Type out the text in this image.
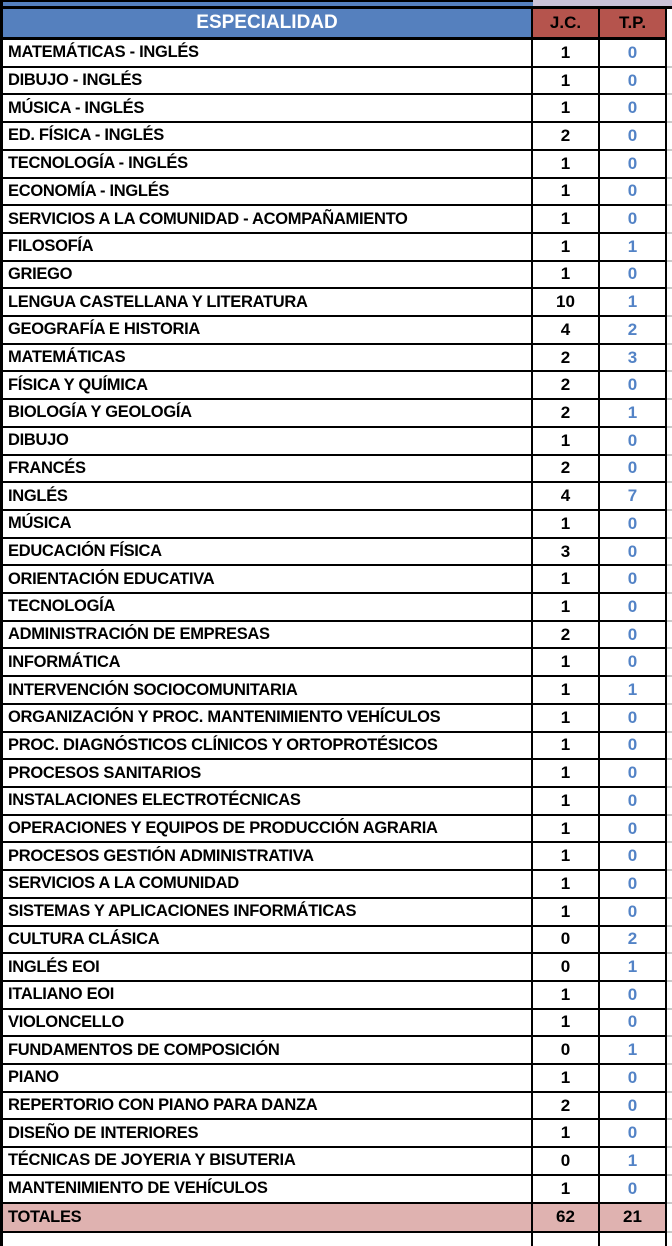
ESPECIALIDAD	J.C.	T.P.
MATEMÁTICAS - INGLÉS	1	0
DIBUJO - INGLÉS	1	0
MÚSICA - INGLÉS	1	0
ED. FÍSICA - INGLÉS	2	0
TECNOLOGÍA - INGLÉS	1	0
ECONOMÍA - INGLÉS	1	0
SERVICIOS A LA COMUNIDAD - ACOMPAÑAMIENTO	1	0
FILOSOFÍA	1	1
GRIEGO	1	0
LENGUA CASTELLANA Y LITERATURA	10	1
GEOGRAFÍA E HISTORIA	4	2
MATEMÁTICAS	2	3
FÍSICA Y QUÍMICA	2	0
BIOLOGÍA Y GEOLOGÍA	2	1
DIBUJO	1	0
FRANCÉS	2	0
INGLÉS	4	7
MÚSICA	1	0
EDUCACIÓN FÍSICA	3	0
ORIENTACIÓN EDUCATIVA	1	0
TECNOLOGÍA	1	0
ADMINISTRACIÓN DE EMPRESAS	2	0
INFORMÁTICA	1	0
INTERVENCIÓN SOCIOCOMUNITARIA	1	1
ORGANIZACIÓN Y PROC. MANTENIMIENTO VEHÍCULOS	1	0
PROC. DIAGNÓSTICOS CLÍNICOS Y ORTOPROTÉSICOS	1	0
PROCESOS SANITARIOS	1	0
INSTALACIONES ELECTROTÉCNICAS	1	0
OPERACIONES Y EQUIPOS DE PRODUCCIÓN AGRARIA	1	0
PROCESOS GESTIÓN ADMINISTRATIVA	1	0
SERVICIOS A LA COMUNIDAD	1	0
SISTEMAS Y APLICACIONES INFORMÁTICAS	1	0
CULTURA CLÁSICA	0	2
INGLÉS EOI	0	1
ITALIANO EOI	1	0
VIOLONCELLO	1	0
FUNDAMENTOS DE COMPOSICIÓN	0	1
PIANO	1	0
REPERTORIO CON PIANO PARA DANZA	2	0
DISEÑO DE INTERIORES	1	0
TÉCNICAS DE JOYERIA Y BISUTERIA	0	1
MANTENIMIENTO DE VEHÍCULOS	1	0
TOTALES	62	21
